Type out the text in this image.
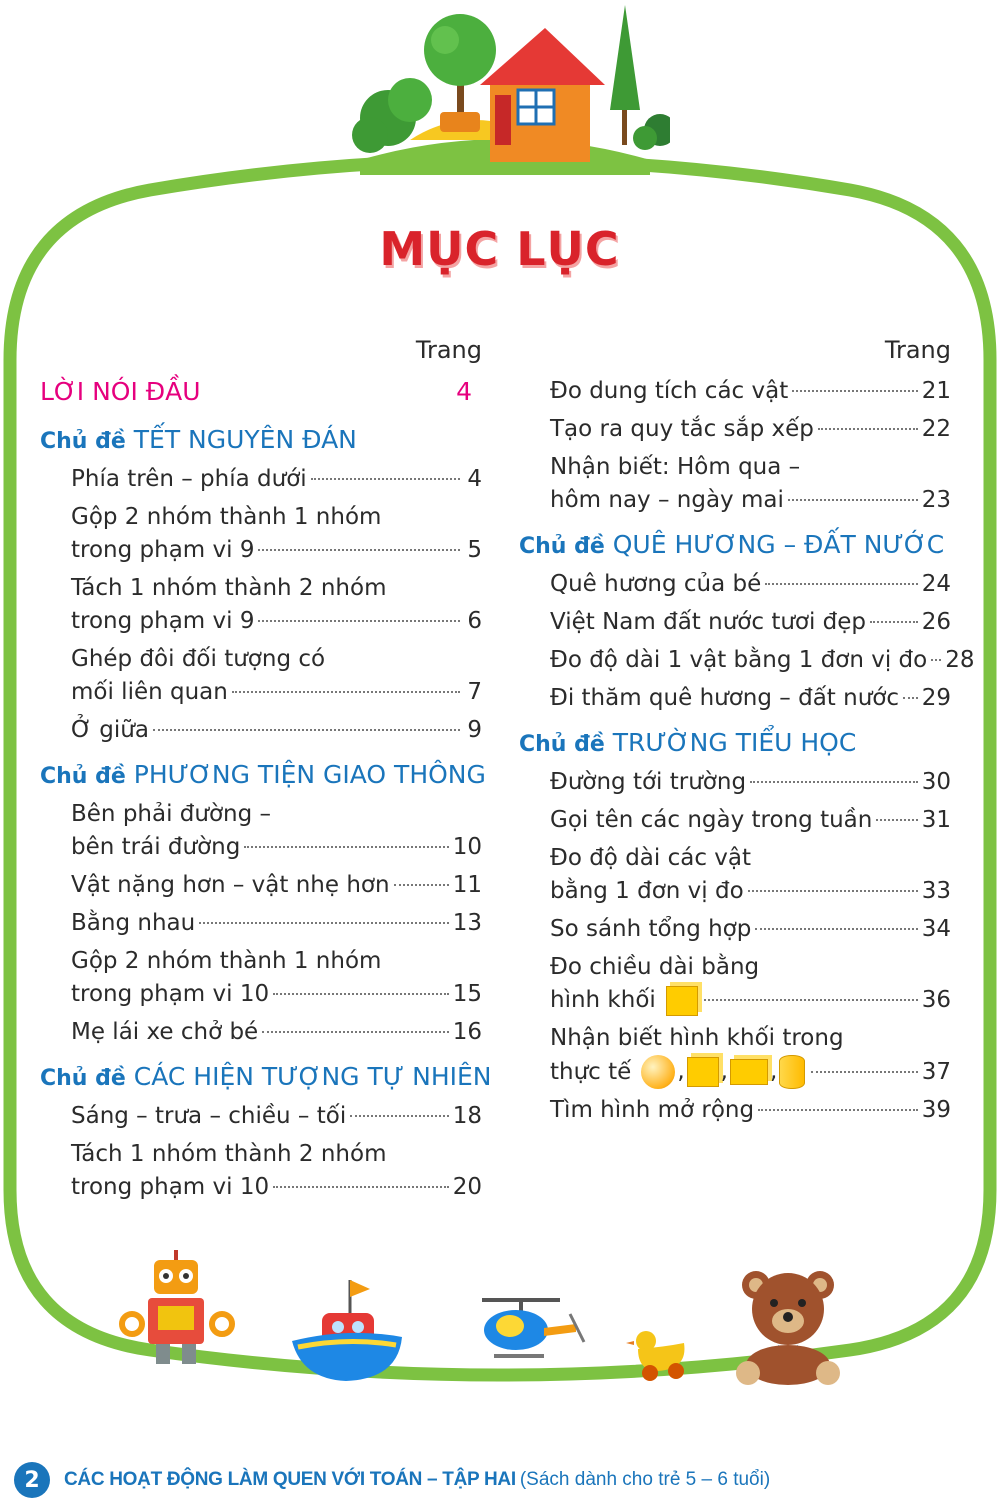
MỤC LỤC
Trang
LỜI NÓI ĐẦU	4
Chủ đề TẾT NGUYÊN ĐÁN
Phía trên – phía dưới	4
Gộp 2 nhóm thành 1 nhóm
trong phạm vi 9	5
Tách 1 nhóm thành 2 nhóm
trong phạm vi 9	6
Ghép đôi đối tượng có
mối liên quan	7
Ở giữa	9
Chủ đề PHƯƠNG TIỆN GIAO THÔNG
Bên phải đường –
bên trái đường	10
Vật nặng hơn – vật nhẹ hơn	11
Bằng nhau	13
Gộp 2 nhóm thành 1 nhóm
trong phạm vi 10	15
Mẹ lái xe chở bé	16
Chủ đề CÁC HIỆN TƯỢNG TỰ NHIÊN
Sáng – trưa – chiều – tối	18
Tách 1 nhóm thành 2 nhóm
trong phạm vi 10	20
Trang
Đo dung tích các vật	21
Tạo ra quy tắc sắp xếp	22
Nhận biết: Hôm qua –
hôm nay – ngày mai	23
Chủ đề QUÊ HƯƠNG – ĐẤT NƯỚC
Quê hương của bé	24
Việt Nam đất nước tươi đẹp 26
Đo độ dài 1 vật bằng 1 đơn vị đo 28
Đi thăm quê hương – đất nước 29
Chủ đề TRƯỜNG TIỂU HỌC
Đường tới trường	30
Gọi tên các ngày trong tuần 31
Đo độ dài các vật
bằng 1 đơn vị đo	33
So sánh tổng hợp	34
Đo chiều dài bằng
hình khối	36
Nhận biết hình khối trong
thực tế	, , ,	37
Tìm hình mở rộng	39
2	CÁC HOẠT ĐỘNG LÀM QUEN VỚI TOÁN – TẬP HAI (Sách dành cho trẻ 5 – 6 tuổi)
